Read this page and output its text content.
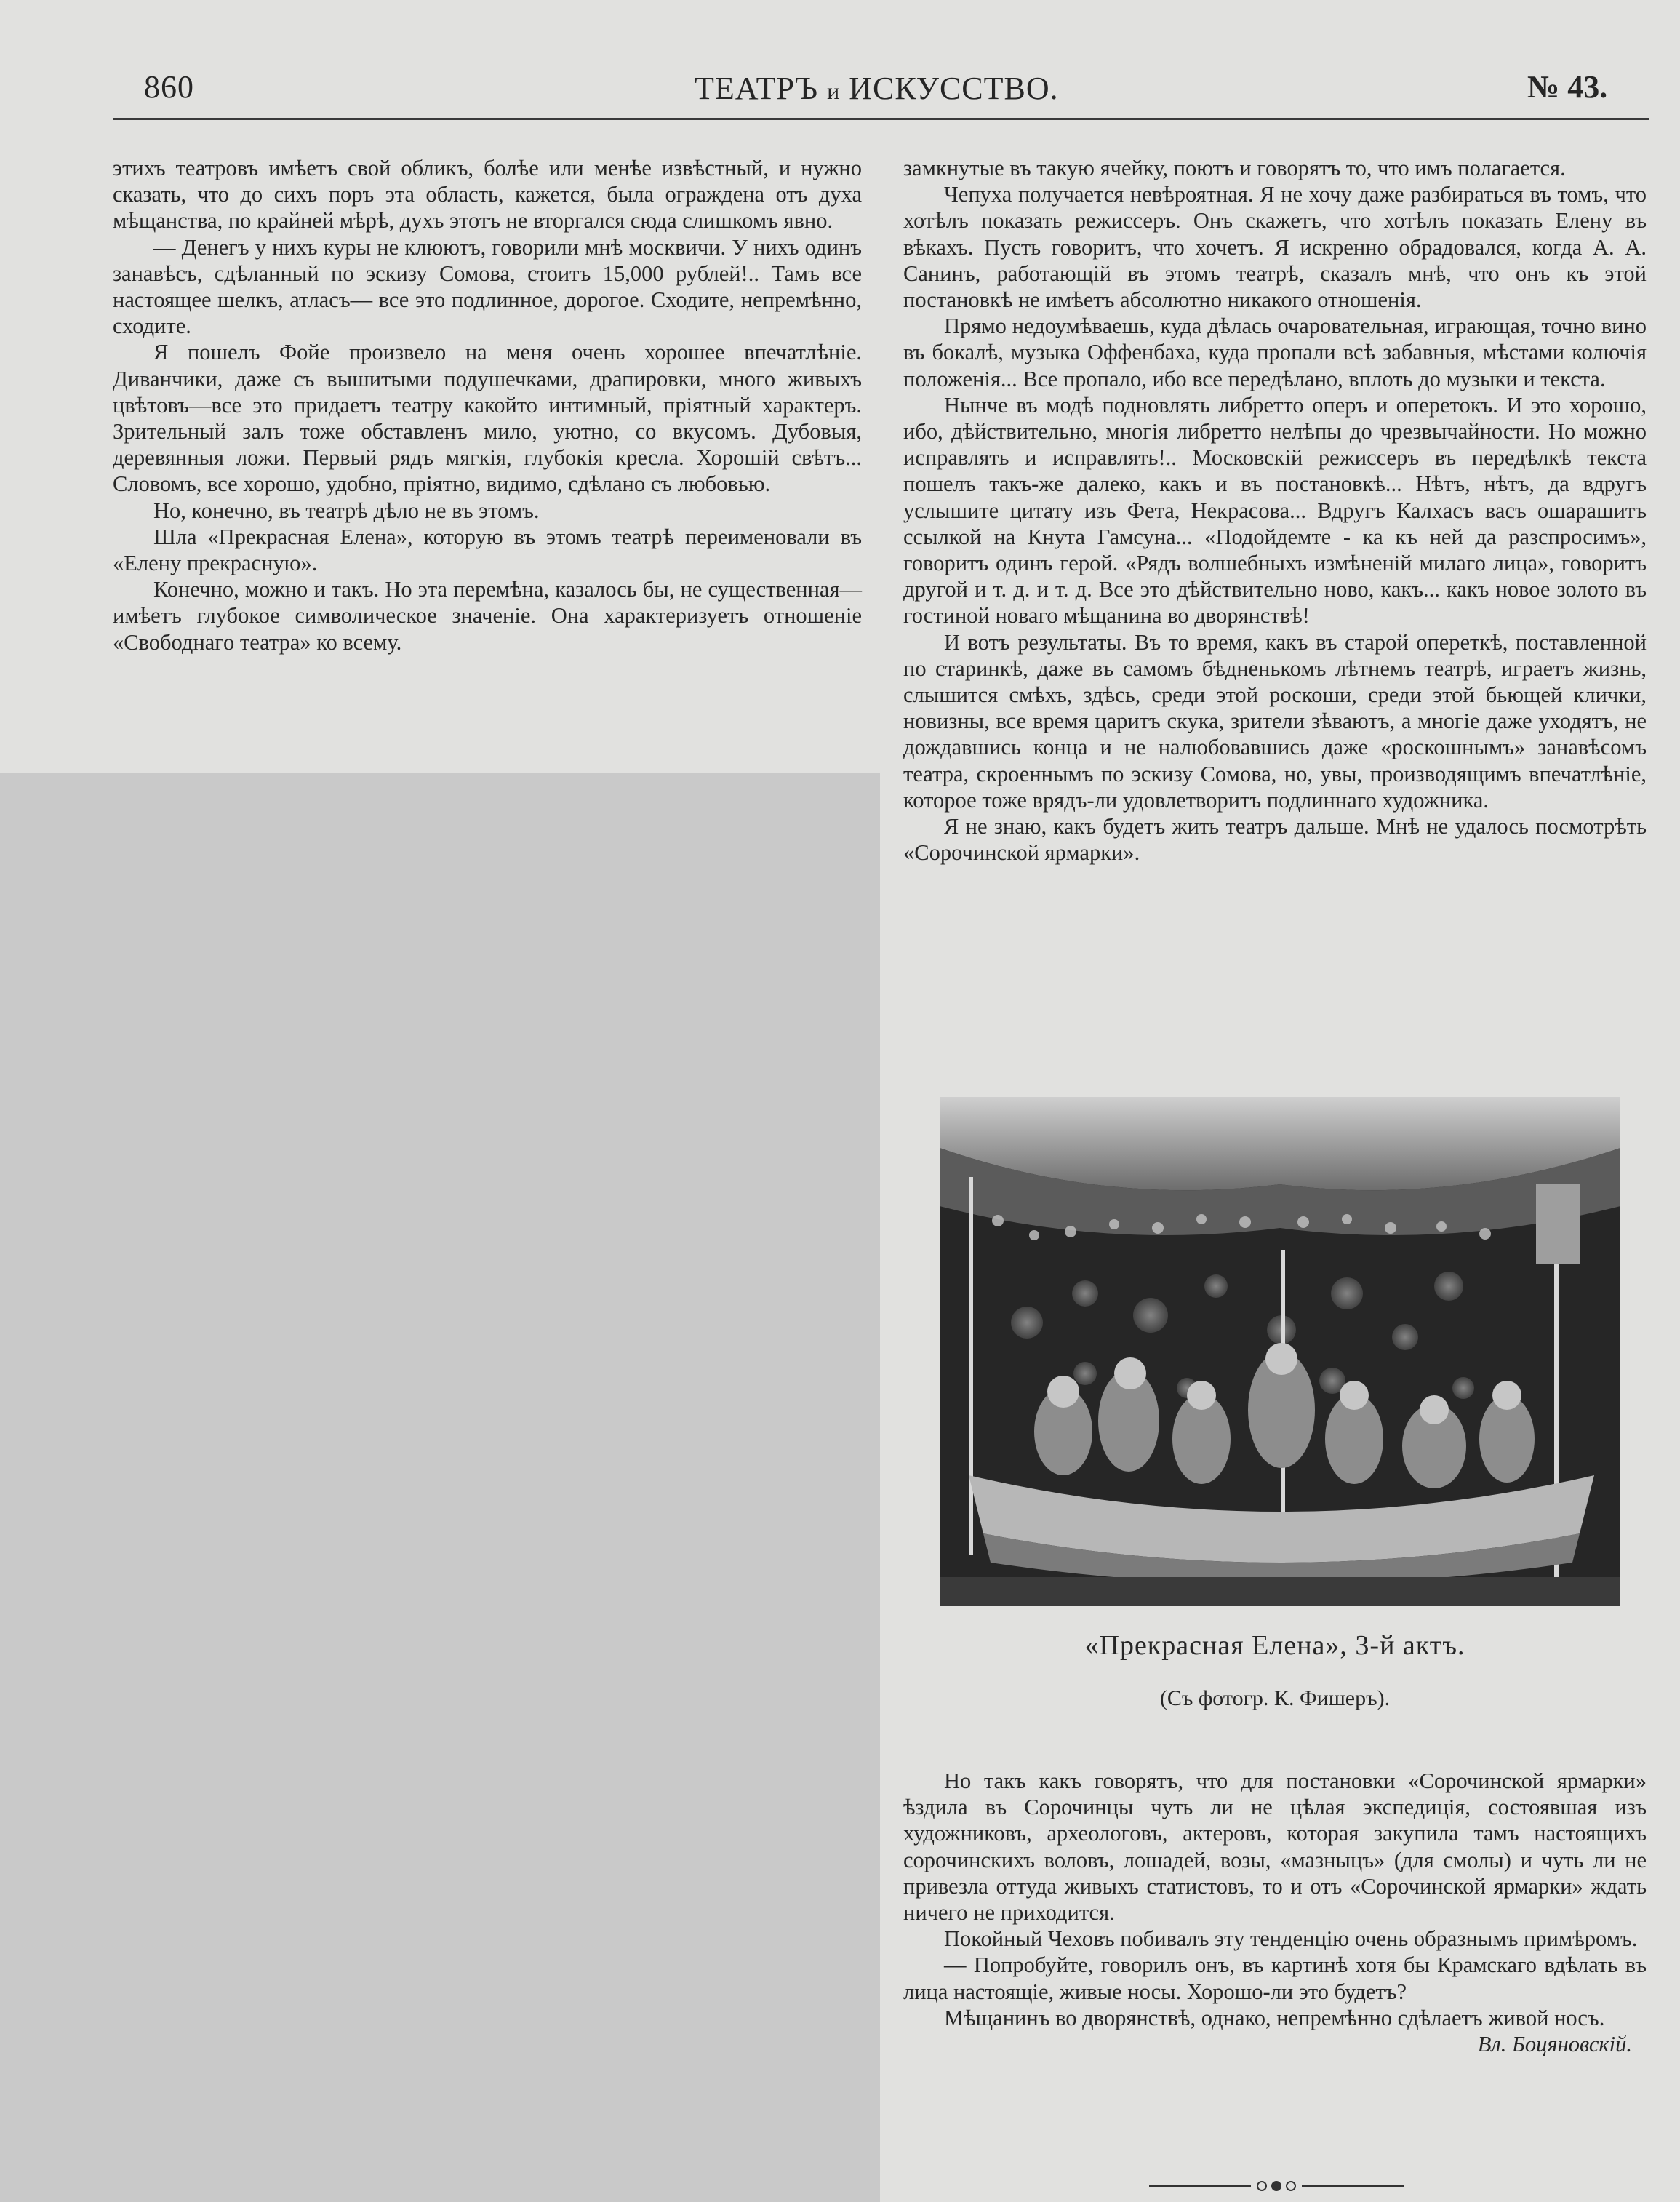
860	ТЕАТРЪ и ИСКУССТВО.	№ 43.

этихъ театровъ имѣетъ свой обликъ, болѣе или менѣе извѣстный, и нужно сказать, что до сихъ поръ эта область, кажется, была ограждена отъ духа мѣщанства, по крайней мѣрѣ, духъ этотъ не вторгался сюда слишкомъ явно.

— Денегъ у нихъ куры не клюютъ, говорили мнѣ москвичи. У нихъ одинъ занавѣсъ, сдѣланный по эскизу Сомова, стоитъ 15,000 рублей!.. Тамъ все настоящее шелкъ, атласъ— все это подлинное, дорогое. Сходите, непремѣнно, сходите.

Я пошелъ Фойе произвело на меня очень хорошее впечатлѣніе. Диванчики, даже съ вышитыми подушечками, драпировки, много живыхъ цвѣтовъ—все это придаетъ театру какойто интимный, пріятный характеръ. Зрительный залъ тоже обставленъ мило, уютно, со вкусомъ. Дубовыя, деревянныя ложи. Первый рядъ мягкія, глубокія кресла. Хорошій свѣтъ... Словомъ, все хорошо, удобно, пріятно, видимо, сдѣлано съ любовью.

Но, конечно, въ театрѣ дѣло не въ этомъ.

Шла «Прекрасная Елена», которую въ этомъ театрѣ переименовали въ «Елену прекрасную».

Конечно, можно и такъ. Но эта перемѣна, казалось бы, не существенная—имѣетъ глубокое символическое значеніе. Она характеризуетъ отношеніе «Свободнаго театра» ко всему.

замкнутые въ такую ячейку, поютъ и говорятъ то, что имъ полагается.

Чепуха получается невѣроятная. Я не хочу даже разбираться въ томъ, что хотѣлъ показать режиссеръ. Онъ скажетъ, что хотѣлъ показать Елену въ вѣкахъ. Пусть говоритъ, что хочетъ. Я искренно обрадовался, когда А. А. Санинъ, работающій въ этомъ театрѣ, сказалъ мнѣ, что онъ къ этой постановкѣ не имѣетъ абсолютно никакого отношенія.

Прямо недоумѣваешь, куда дѣлась очаровательная, играющая, точно вино въ бокалѣ, музыка Оффенбаха, куда пропали всѣ забавныя, мѣстами колючія положенія... Все пропало, ибо все передѣлано, вплоть до музыки и текста.

Нынче въ модѣ подновлять либретто оперъ и оперетокъ. И это хорошо, ибо, дѣйствительно, многія либретто нелѣпы до чрезвычайности. Но можно исправлять и исправлять!.. Московскій режиссеръ въ передѣлкѣ текста пошелъ такъ-же далеко, какъ и въ постановкѣ... Нѣтъ, нѣтъ, да вдругъ услышите цитату изъ Фета, Некрасова... Вдругъ Калхасъ васъ ошарашитъ ссылкой на Кнута Гамсуна... «Подойдемте - ка къ ней да разспросимъ», говоритъ одинъ герой. «Рядъ волшебныхъ измѣненій милаго лица», говоритъ другой и т. д. и т. д. Все это дѣйствительно ново, какъ... какъ новое золото въ гостиной новаго мѣщанина во дворянствѣ!

И вотъ результаты. Въ то время, какъ въ старой опереткѣ, поставленной по старинкѣ, даже въ самомъ бѣдненькомъ лѣтнемъ театрѣ, играетъ жизнь, слышится смѣхъ, здѣсь, среди этой роскоши, среди этой бьющей клички, новизны, все время царитъ скука, зрители зѣваютъ, а многіе даже уходятъ, не дождавшись конца и не налюбовавшись даже «роскошнымъ» занавѣсомъ театра, скроеннымъ по эскизу Сомова, но, увы, производящимъ впечатлѣніе, которое тоже врядъ-ли удовлетворитъ подлиннаго художника.

Я не знаю, какъ будетъ жить театръ дальше. Мнѣ не удалось посмотрѣть «Сорочинской ярмарки».

«Прекрасная Елена», 3-й актъ.
(Съ фотогр. К. Фишеръ).

Но такъ какъ говорятъ, что для постановки «Сорочинской ярмарки» ѣздила въ Сорочинцы чуть ли не цѣлая экспедиція, состоявшая изъ художниковъ, археологовъ, актеровъ, которая закупила тамъ настоящихъ сорочинскихъ воловъ, лошадей, возы, «мазныцъ» (для смолы) и чуть ли не привезла оттуда живыхъ статистовъ, то и отъ «Сорочинской ярмарки» ждать ничего не приходится.

Покойный Чеховъ побивалъ эту тенденцію очень образнымъ примѣромъ.

— Попробуйте, говорилъ онъ, въ картинѣ хотя бы Крамскаго вдѣлать въ лица настоящіе, живые носы. Хорошо-ли это будетъ?

Мѣщанинъ во дворянствѣ, однако, непремѣнно сдѣлаетъ живой носъ.
Вл. Боцяновскій.
